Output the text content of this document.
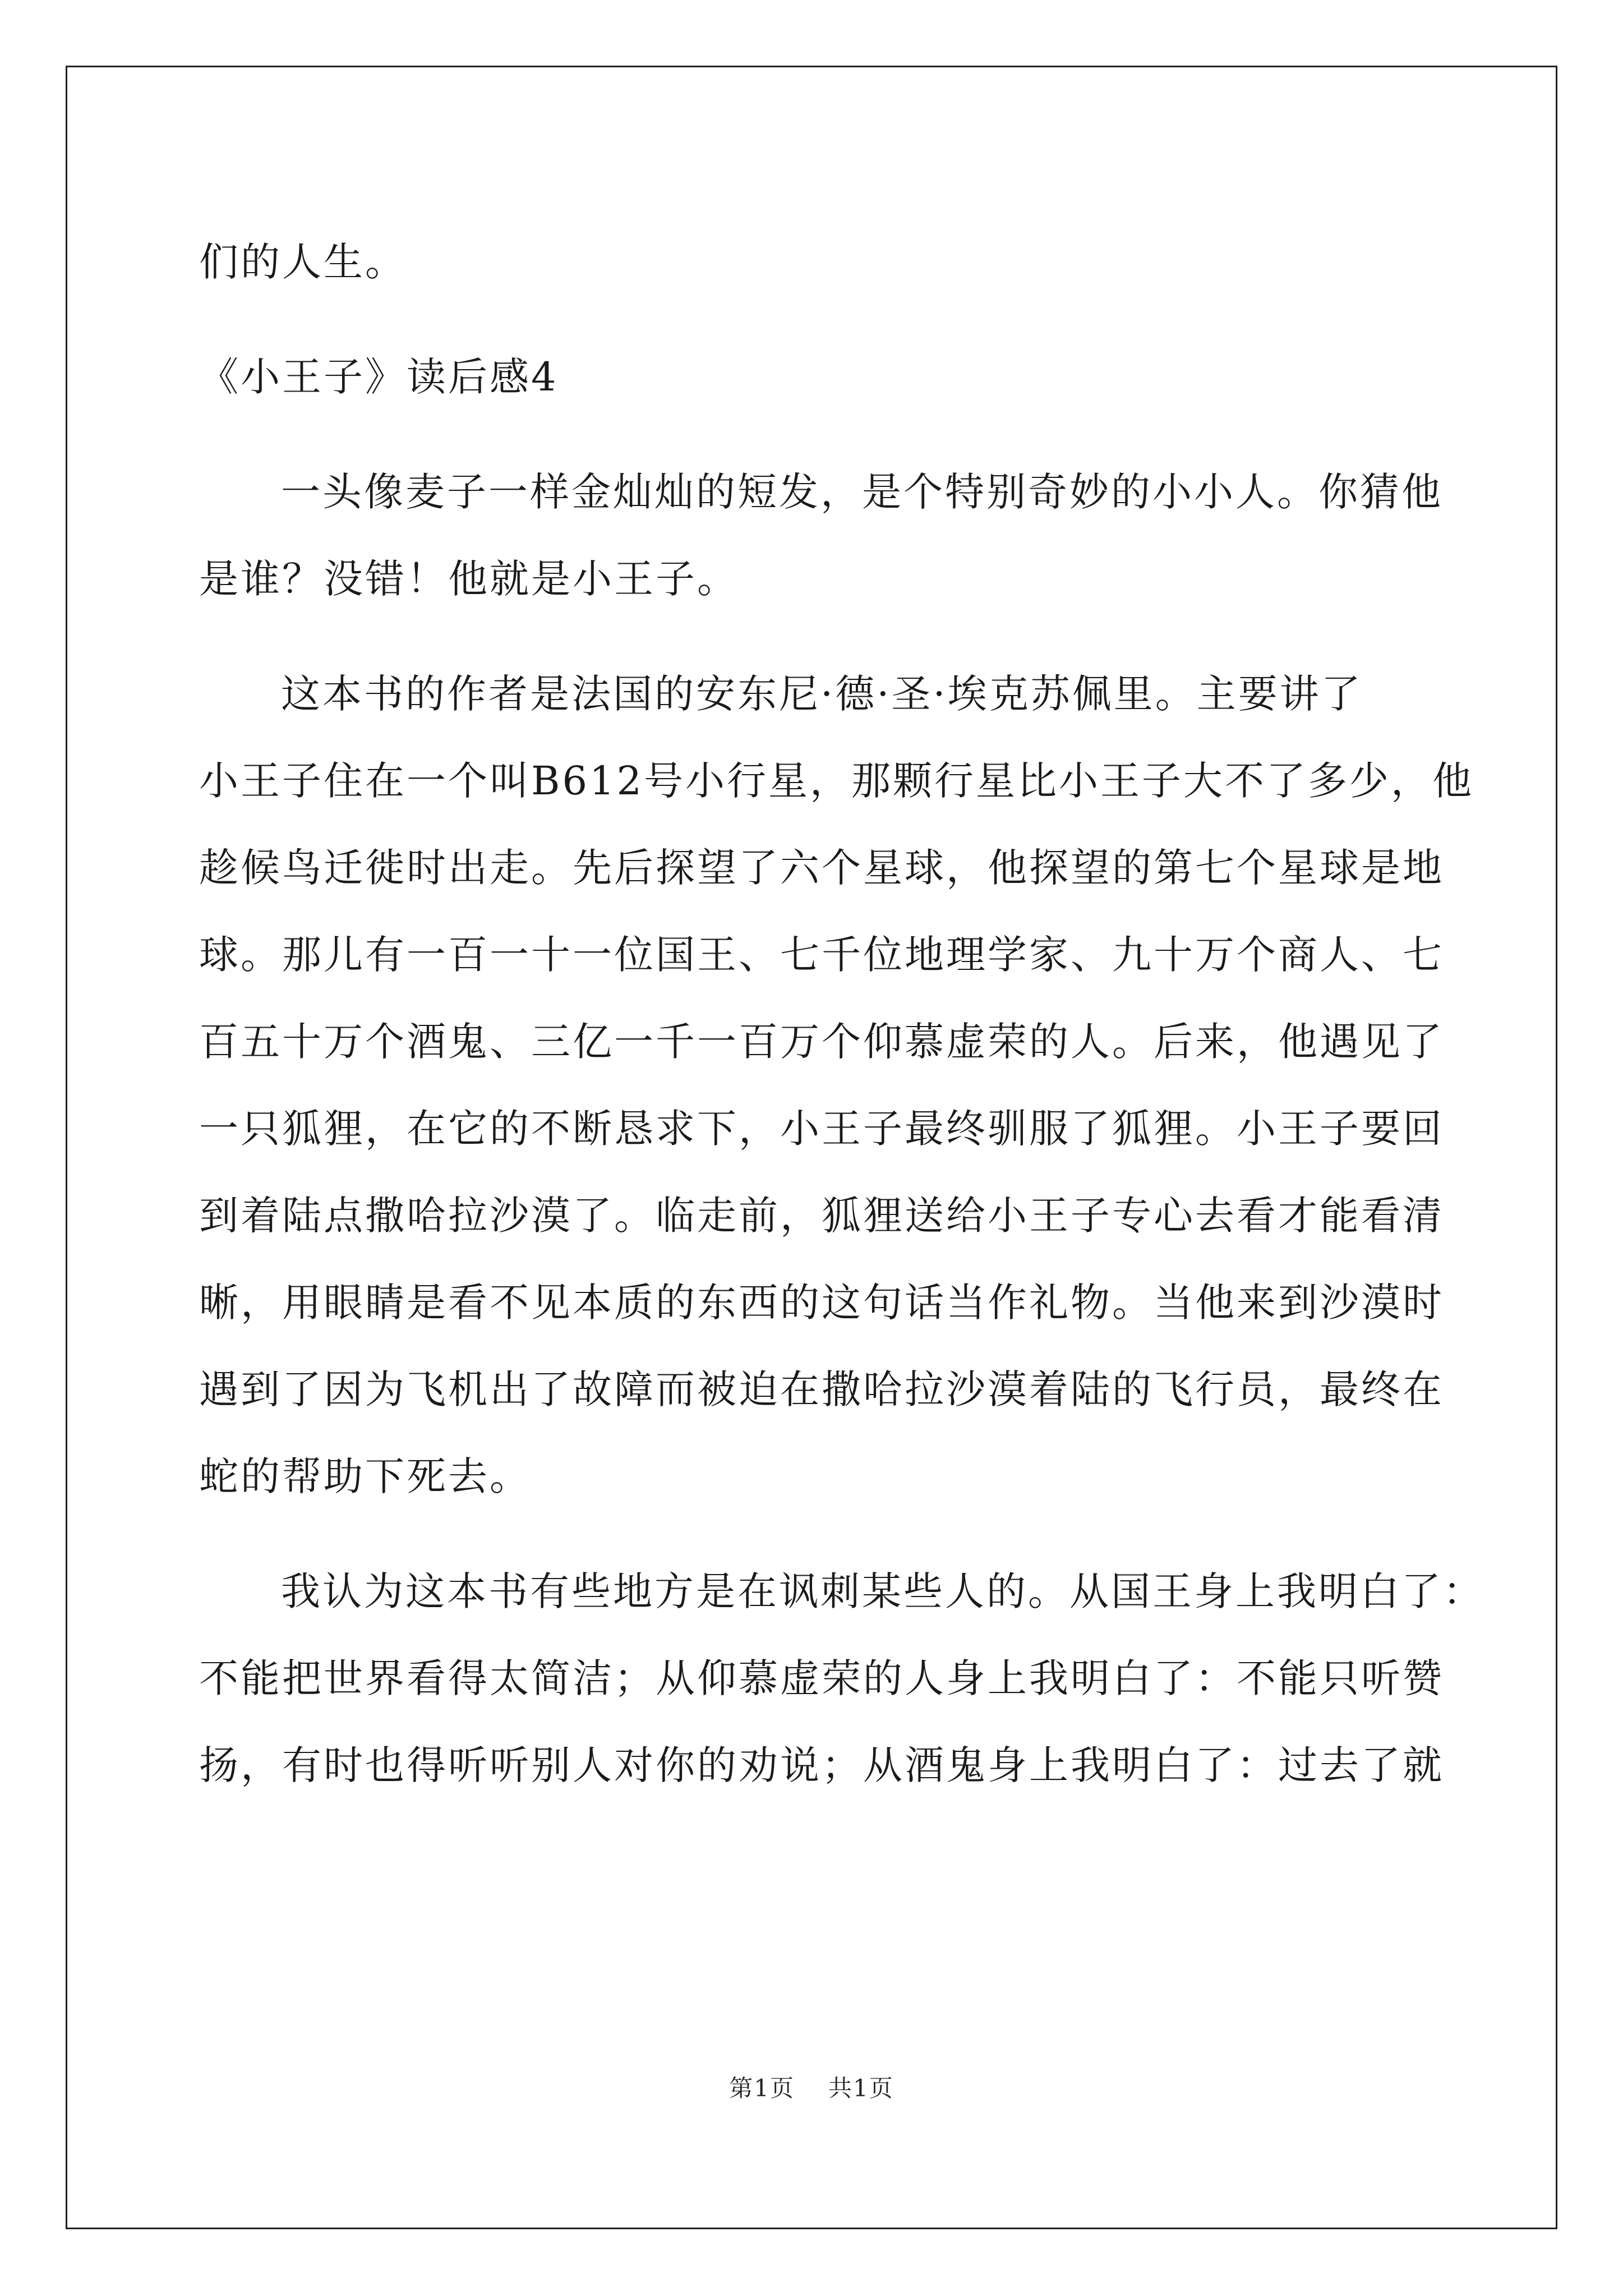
们的人生。
《小王子》读后感4
一头像麦子一样金灿灿的短发，是个特别奇妙的小小人。你猜他
是谁？没错！他就是小王子。
这本书的作者是法国的安东尼·德·圣·埃克苏佩里。主要讲了
小王子住在一个叫B612号小行星，那颗行星比小王子大不了多少，他
趁候鸟迁徙时出走。先后探望了六个星球，他探望的第七个星球是地
球。那儿有一百一十一位国王、七千位地理学家、九十万个商人、七
百五十万个酒鬼、三亿一千一百万个仰慕虚荣的人。后来，他遇见了
一只狐狸，在它的不断恳求下，小王子最终驯服了狐狸。小王子要回
到着陆点撒哈拉沙漠了。临走前，狐狸送给小王子专心去看才能看清
晰，用眼睛是看不见本质的东西的这句话当作礼物。当他来到沙漠时
遇到了因为飞机出了故障而被迫在撒哈拉沙漠着陆的飞行员，最终在
蛇的帮助下死去。
我认为这本书有些地方是在讽刺某些人的。从国王身上我明白了：
不能把世界看得太简洁；从仰慕虚荣的人身上我明白了：不能只听赞
扬，有时也得听听别人对你的劝说；从酒鬼身上我明白了：过去了就
第1页 共1页
